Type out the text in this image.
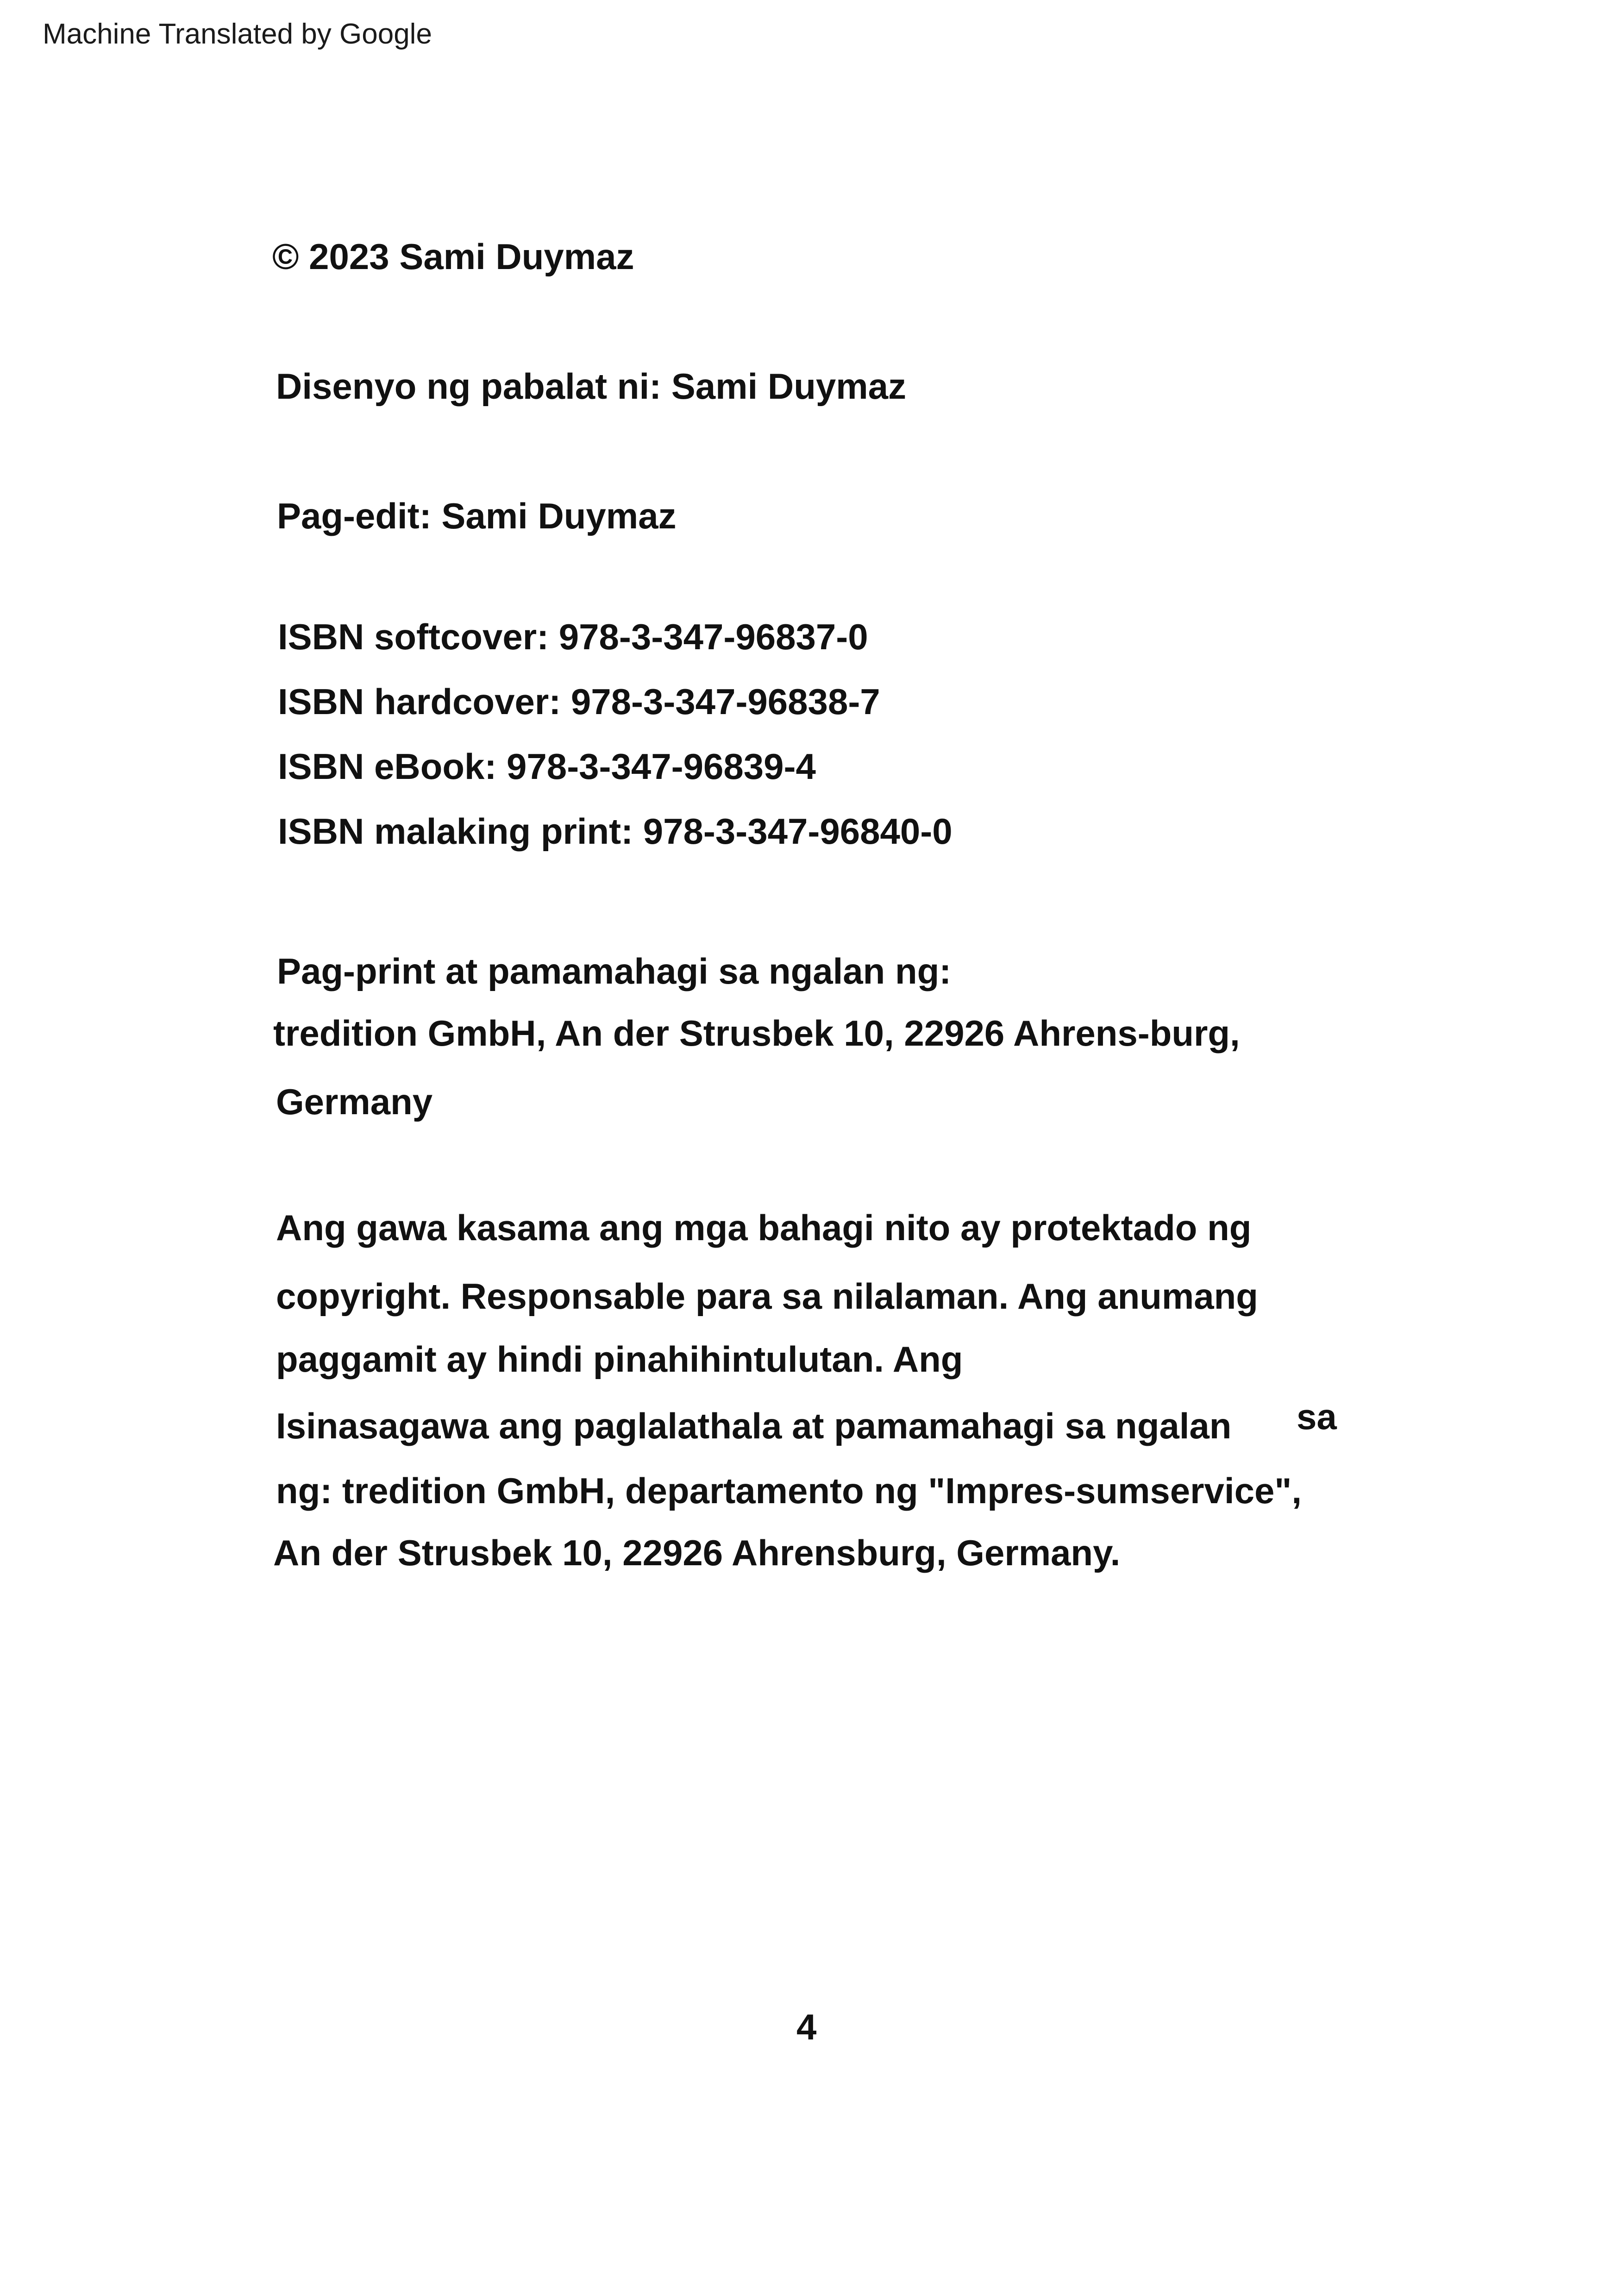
Machine Translated by Google
© 2023 Sami Duymaz
Disenyo ng pabalat ni: Sami Duymaz
Pag-edit: Sami Duymaz
ISBN softcover: 978-3-347-96837-0
ISBN hardcover: 978-3-347-96838-7
ISBN eBook: 978-3-347-96839-4
ISBN malaking print: 978-3-347-96840-0
Pag-print at pamamahagi sa ngalan ng:
tredition GmbH, An der Strusbek 10, 22926 Ahrens-burg,
Germany
Ang gawa kasama ang mga bahagi nito ay protektado ng
copyright. Responsable para sa nilalaman. Ang anumang
paggamit ay hindi pinahihintulutan. Ang
Isinasagawa ang paglalathala at pamamahagi sa ngalan sa
ng: tredition GmbH, departamento ng "Impres-sumservice",
An der Strusbek 10, 22926 Ahrensburg, Germany.
4
